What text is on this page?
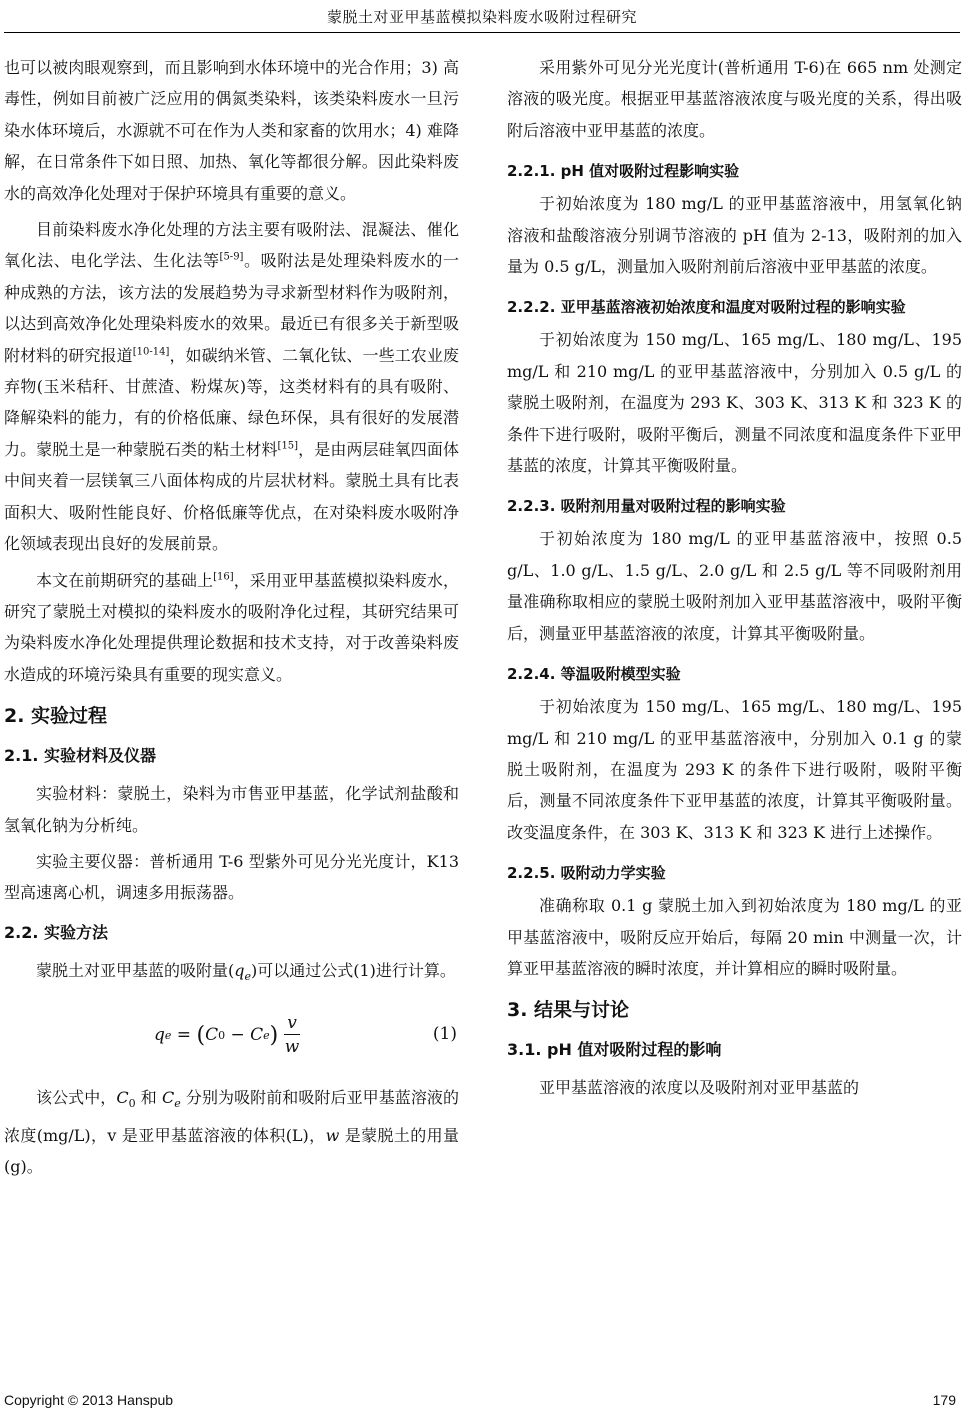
蒙脱土对亚甲基蓝模拟染料废水吸附过程研究

也可以被肉眼观察到，而且影响到水体环境中的光合作用；3) 高毒性，例如目前被广泛应用的偶氮类染料，该类染料废水一旦污染水体环境后，水源就不可在作为人类和家畜的饮用水；4) 难降解，在日常条件下如日照、加热、氧化等都很分解。因此染料废水的高效净化处理对于保护环境具有重要的意义。

目前染料废水净化处理的方法主要有吸附法、混凝法、催化氧化法、电化学法、生化法等[5-9]。吸附法是处理染料废水的一种成熟的方法，该方法的发展趋势为寻求新型材料作为吸附剂，以达到高效净化处理染料废水的效果。最近已有很多关于新型吸附材料的研究报道[10-14]，如碳纳米管、二氧化钛、一些工农业废弃物(玉米秸秆、甘蔗渣、粉煤灰)等，这类材料有的具有吸附、降解染料的能力，有的价格低廉、绿色环保，具有很好的发展潜力。蒙脱土是一种蒙脱石类的粘土材料[15]，是由两层硅氧四面体中间夹着一层镁氧三八面体构成的片层状材料。蒙脱土具有比表面积大、吸附性能良好、价格低廉等优点，在对染料废水吸附净化领域表现出良好的发展前景。

本文在前期研究的基础上[16]，采用亚甲基蓝模拟染料废水，研究了蒙脱土对模拟的染料废水的吸附净化过程，其研究结果可为染料废水净化处理提供理论数据和技术支持，对于改善染料废水造成的环境污染具有重要的现实意义。

2. 实验过程
2.1. 实验材料及仪器

实验材料：蒙脱土，染料为市售亚甲基蓝，化学试剂盐酸和氢氧化钠为分析纯。

实验主要仪器：普析通用 T-6 型紫外可见分光光度计，K13 型高速离心机，调速多用振荡器。

2.2. 实验方法

蒙脱土对亚甲基蓝的吸附量$(q_e)$可以通过公式(1)进行计算。

q e = ( C 0 − C e ) $\frac{v}{w}$	(1)

该公式中，$C_0$ 和 $C_e$ 分别为吸附前和吸附后亚甲基蓝溶液的浓度(mg/L)，v 是亚甲基蓝溶液的体积(L)，w 是蒙脱土的用量(g)。

采用紫外可见分光光度计(普析通用 T-6)在 665 nm 处测定溶液的吸光度。根据亚甲基蓝溶液浓度与吸光度的关系，得出吸附后溶液中亚甲基蓝的浓度。

2.2.1. pH 值对吸附过程影响实验

于初始浓度为 180 mg/L 的亚甲基蓝溶液中，用氢氧化钠溶液和盐酸溶液分别调节溶液的 pH 值为 2-13，吸附剂的加入量为 0.5 g/L，测量加入吸附剂前后溶液中亚甲基蓝的浓度。

2.2.2. 亚甲基蓝溶液初始浓度和温度对吸附过程的影响实验

于初始浓度为 150 mg/L、165 mg/L、180 mg/L、195 mg/L 和 210 mg/L 的亚甲基蓝溶液中，分别加入 0.5 g/L 的蒙脱土吸附剂，在温度为 293 K、303 K、313 K 和 323 K 的条件下进行吸附，吸附平衡后，测量不同浓度和温度条件下亚甲基蓝的浓度，计算其平衡吸附量。

2.2.3. 吸附剂用量对吸附过程的影响实验

于初始浓度为 180 mg/L 的亚甲基蓝溶液中，按照 0.5 g/L、1.0 g/L、1.5 g/L、2.0 g/L 和 2.5 g/L 等不同吸附剂用量准确称取相应的蒙脱土吸附剂加入亚甲基蓝溶液中，吸附平衡后，测量亚甲基蓝溶液的浓度，计算其平衡吸附量。

2.2.4. 等温吸附模型实验

于初始浓度为 150 mg/L、165 mg/L、180 mg/L、195 mg/L 和 210 mg/L 的亚甲基蓝溶液中，分别加入 0.1 g 的蒙脱土吸附剂，在温度为 293 K 的条件下进行吸附，吸附平衡后，测量不同浓度条件下亚甲基蓝的浓度，计算其平衡吸附量。改变温度条件，在 303 K、313 K 和 323 K 进行上述操作。

2.2.5. 吸附动力学实验

准确称取 0.1 g 蒙脱土加入到初始浓度为 180 mg/L 的亚甲基蓝溶液中，吸附反应开始后，每隔 20 min 中测量一次，计算亚甲基蓝溶液的瞬时浓度，并计算相应的瞬时吸附量。

3. 结果与讨论
3.1. pH 值对吸附过程的影响

亚甲基蓝溶液的浓度以及吸附剂对亚甲基蓝的

Copyright © 2013 Hanspub	179
